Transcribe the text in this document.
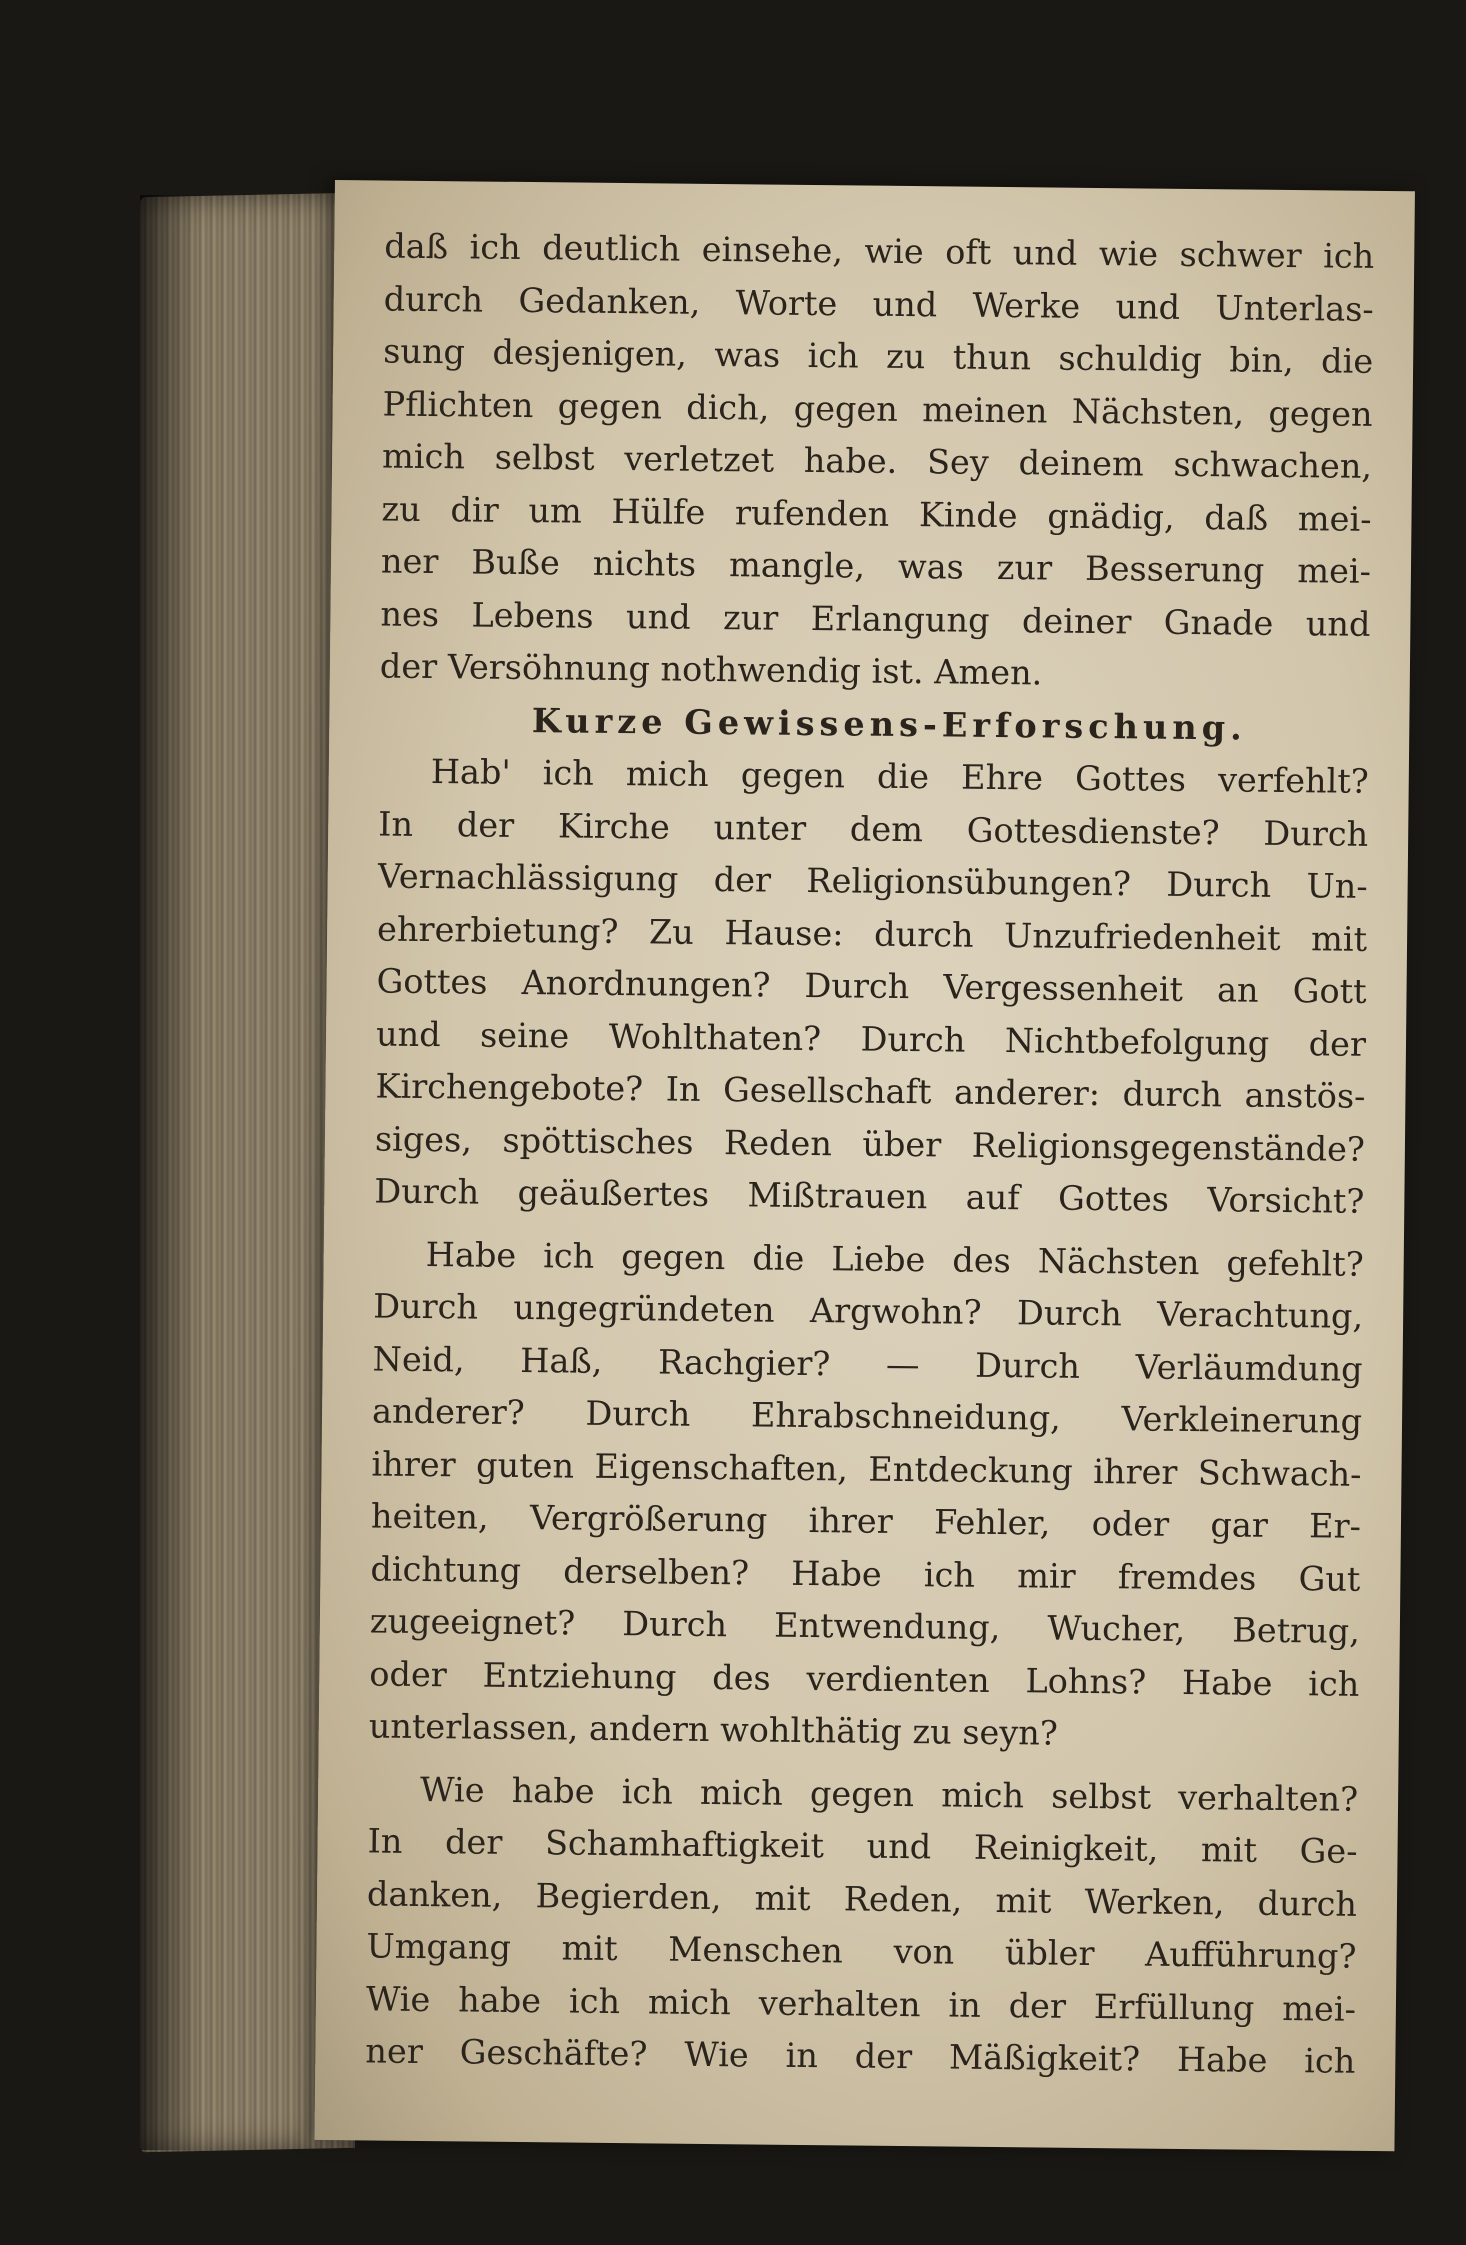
daß ich deutlich einsehe, wie oft und wie schwer ich
durch Gedanken, Worte und Werke und Unterlas-
sung desjenigen, was ich zu thun schuldig bin, die
Pflichten gegen dich, gegen meinen Nächsten, gegen
mich selbst verletzet habe. Sey deinem schwachen,
zu dir um Hülfe rufenden Kinde gnädig, daß mei-
ner Buße nichts mangle, was zur Besserung mei-
nes Lebens und zur Erlangung deiner Gnade und
der Versöhnung nothwendig ist. Amen.
Kurze Gewissens-Erforschung.
Hab' ich mich gegen die Ehre Gottes verfehlt?
In der Kirche unter dem Gottesdienste? Durch
Vernachlässigung der Religionsübungen? Durch Un-
ehrerbietung? Zu Hause: durch Unzufriedenheit mit
Gottes Anordnungen? Durch Vergessenheit an Gott
und seine Wohlthaten? Durch Nichtbefolgung der
Kirchengebote? In Gesellschaft anderer: durch anstös-
siges, spöttisches Reden über Religionsgegenstände?
Durch geäußertes Mißtrauen auf Gottes Vorsicht?
Habe ich gegen die Liebe des Nächsten gefehlt?
Durch ungegründeten Argwohn? Durch Verachtung,
Neid, Haß, Rachgier? — Durch Verläumdung
anderer? Durch Ehrabschneidung, Verkleinerung
ihrer guten Eigenschaften, Entdeckung ihrer Schwach-
heiten, Vergrößerung ihrer Fehler, oder gar Er-
dichtung derselben? Habe ich mir fremdes Gut
zugeeignet? Durch Entwendung, Wucher, Betrug,
oder Entziehung des verdienten Lohns? Habe ich
unterlassen, andern wohlthätig zu seyn?
Wie habe ich mich gegen mich selbst verhalten?
In der Schamhaftigkeit und Reinigkeit, mit Ge-
danken, Begierden, mit Reden, mit Werken, durch
Umgang mit Menschen von übler Aufführung?
Wie habe ich mich verhalten in der Erfüllung mei-
ner Geschäfte? Wie in der Mäßigkeit? Habe ich
